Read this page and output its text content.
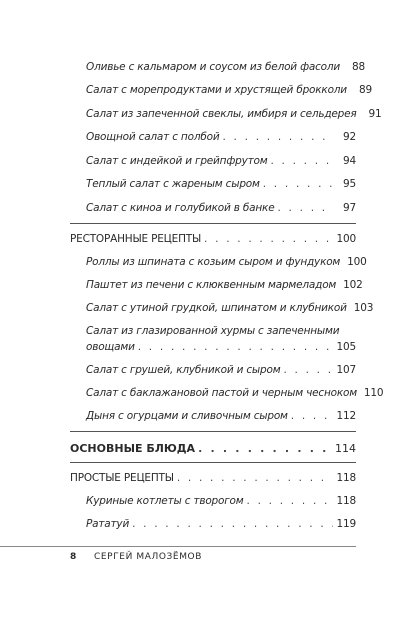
Оливье с кальмаром и соусом из белой фасоли	88
Салат с морепродуктами и хрустящей брокколи	89
Салат из запеченной свеклы, имбиря и сельдерея	91
Овощной салат с полбой . . .	92
Салат с индейкой и грейпфрутом . . .	94
Теплый салат с жареным сыром . . .	95
Салат с киноа и голубикой в банке . . .	97
РЕСТОРАННЫЕ РЕЦЕПТЫ . . .	100
Роллы из шпината с козьим сыром и фундуком 100
Паштет из печени с клюквенным мармеладом 102
Салат с утиной грудкой, шпинатом и клубникой 103
Салат из глазированной хурмы с запеченными
овощами . . .	105
Салат с грушей, клубникой и сыром . . .	107
Салат с баклажановой пастой и черным чесноком 110
Дыня с огурцами и сливочным сыром . . .	112
ОСНОВНЫЕ БЛЮДА . . .	114
ПРОСТЫЕ РЕЦЕПТЫ . . .	118
Куриные котлеты с творогом . . .	118
Рататуй . . .	119
8 СЕРГЕЙ МАЛОЗЁМОВ
